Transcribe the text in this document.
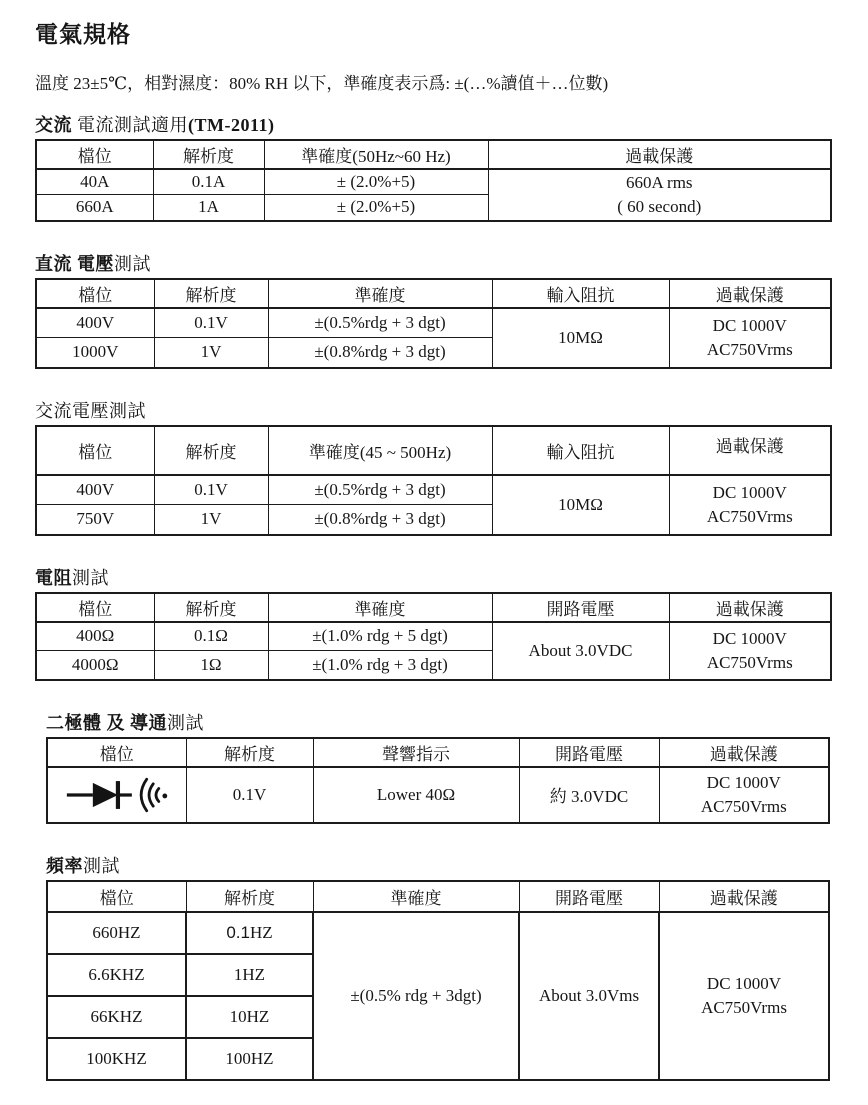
電氣規格

溫度 23±5℃，相對濕度：80% RH 以下，準確度表示爲: ±(…%讀值＋…位數)

交流 電流測試適用(TM-2011)
檔位	解析度	準確度(50Hz~60 Hz)	過載保護
40A	0.1A	± (2.0%+5)	660A rms
( 60 second)

660A	1A	± (2.0%+5)	
直流 電壓測試
檔位	解析度	準確度	輸入阻抗	過載保護
400V	0.1V	±(0.5%rdg + 3 dgt)	10MΩ	DC 1000V
AC750Vrms

1000V	1V	±(0.8%rdg + 3 dgt)		
交流電壓測試
檔位	解析度	準確度(45 ~ 500Hz)	輸入阻抗	過載保護
400V	0.1V	±(0.5%rdg + 3 dgt)	10MΩ	DC 1000V
AC750Vrms

750V	1V	±(0.8%rdg + 3 dgt)		
電阻測試
檔位	解析度	準確度	開路電壓	過載保護
400Ω	0.1Ω	±(1.0% rdg + 5 dgt)	About 3.0VDC	DC 1000V
AC750Vrms

4000Ω	1Ω	±(1.0% rdg + 3 dgt)		
二極體 及 導通測試
檔位	解析度	聲響指示	開路電壓	過載保護

	0.1V	Lower 40Ω	約 3.0VDC	DC 1000V
AC750Vrms
頻率測試
檔位	解析度	準確度	開路電壓	過載保護
660HZ	0.1HZ	±(0.5% rdg + 3dgt)	About 3.0Vms	DC 1000V
AC750Vrms

6.6KHZ	1HZ			
66KHZ	10HZ			
100KHZ	100HZ			
